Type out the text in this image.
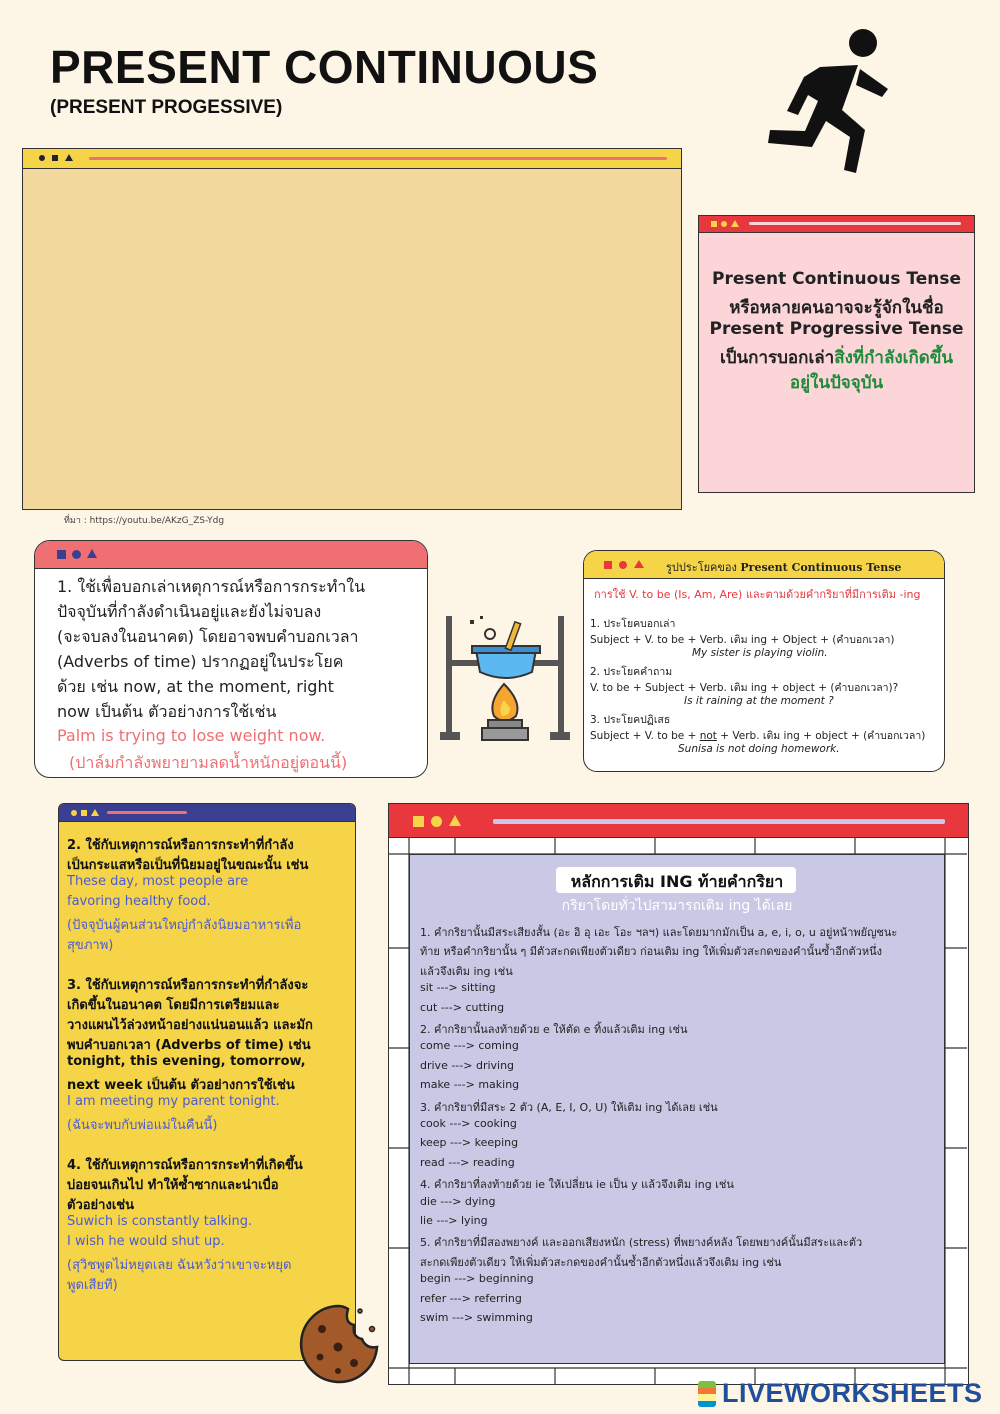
PRESENT CONTINUOUS
(PRESENT PROGESSIVE)
ที่มา : https://youtu.be/AKzG_ZS-Ydg
Present Continuous Tense
หรือหลายคนอาจจะรู้จักในชื่อ
Present Progressive Tense
เป็นการบอกเล่าสิ่งที่กำลังเกิดขึ้น
อยู่ในปัจจุบัน
1. ใช้เพื่อบอกเล่าเหตุการณ์หรือการกระทำใน
ปัจจุบันที่กำลังดำเนินอยู่และยังไม่จบลง
(จะจบลงในอนาคต) โดยอาจพบคำบอกเวลา
(Adverbs of time) ปรากฏอยู่ในประโยค
ด้วย เช่น now, at the moment, right
now เป็นต้น ตัวอย่างการใช้เช่น
Palm is trying to lose weight now.
(ปาล์มกำลังพยายามลดน้ำหนักอยู่ตอนนี้)
รูปประโยคของ Present Continuous Tense
การใช้ V. to be (Is, Am, Are) และตามด้วยคำกริยาที่มีการเติม -ing
1. ประโยคบอกเล่า
Subject + V. to be + Verb. เติม ing + Object + (คำบอกเวลา)
My sister is playing violin.
2. ประโยคคำถาม
V. to be + Subject + Verb. เติม ing + object + (คำบอกเวลา)?
Is it raining at the moment ?
3. ประโยคปฏิเสธ
Subject + V. to be + not + Verb. เติม ing + object + (คำบอกเวลา)
Sunisa is not doing homework.
2. ใช้กับเหตุการณ์หรือการกระทำที่กำลัง
เป็นกระแสหรือเป็นที่นิยมอยู่ในขณะนั้น เช่น
These day, most people are
favoring healthy food.
(ปัจจุบันผู้คนส่วนใหญ่กำลังนิยมอาหารเพื่อ
สุขภาพ)
3. ใช้กับเหตุการณ์หรือการกระทำที่กำลังจะ
เกิดขึ้นในอนาคต โดยมีการเตรียมและ
วางแผนไว้ล่วงหน้าอย่างแน่นอนแล้ว และมัก
พบคำบอกเวลา (Adverbs of time) เช่น
tonight, this evening, tomorrow,
next week เป็นต้น ตัวอย่างการใช้เช่น
I am meeting my parent tonight.
(ฉันจะพบกับพ่อแม่ในคืนนี้)
4. ใช้กับเหตุการณ์หรือการกระทำที่เกิดขึ้น
บ่อยจนเกินไป ทำให้ซ้ำซากและน่าเบื่อ
ตัวอย่างเช่น
Suwich is constantly talking.
I wish he would shut up.
(สุวิชพูดไม่หยุดเลย ฉันหวังว่าเขาจะหยุด
พูดเสียที)
หลักการเติม ING ท้ายคำกริยา
กริยาโดยทั่วไปสามารถเติม ing ได้เลย
1. คำกริยานั้นมีสระเสียงสั้น (อะ อิ อุ เอะ โอะ ฯลฯ) และโดยมากมักเป็น a, e, i, o, u อยู่หน้าพยัญชนะ
ท้าย หรือคำกริยานั้น ๆ มีตัวสะกดเพียงตัวเดียว ก่อนเติม ing ให้เพิ่มตัวสะกดของคำนั้นซ้ำอีกตัวหนึ่ง
แล้วจึงเติม ing เช่น
sit ---> sitting
cut ---> cutting
2. คำกริยานั้นลงท้ายด้วย e ให้ตัด e ทิ้งแล้วเติม ing เช่น
come ---> coming
drive ---> driving
make ---> making
3. คำกริยาที่มีสระ 2 ตัว (A, E, I, O, U) ให้เติม ing ได้เลย เช่น
cook ---> cooking
keep ---> keeping
read ---> reading
4. คำกริยาที่ลงท้ายด้วย ie ให้เปลี่ยน ie เป็น y แล้วจึงเติม ing เช่น
die ---> dying
lie ---> lying
5. คำกริยาที่มีสองพยางค์ และออกเสียงหนัก (stress) ที่พยางค์หลัง โดยพยางค์นั้นมีสระและตัว
สะกดเพียงตัวเดียว ให้เพิ่มตัวสะกดของคำนั้นซ้ำอีกตัวหนึ่งแล้วจึงเติม ing เช่น
begin ---> beginning
refer ---> referring
swim ---> swimming
LIVEWORKSHEETS
